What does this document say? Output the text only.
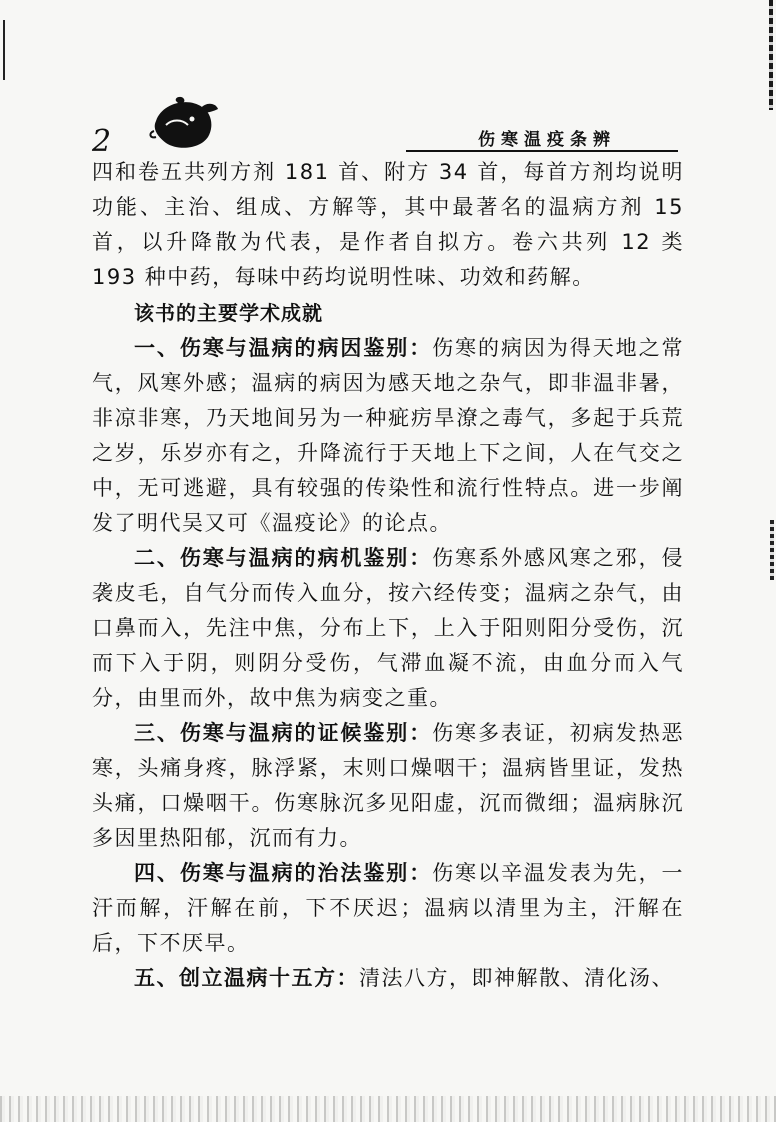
2	伤寒温疫条辨

四和卷五共列方剂 181 首、附方 34 首，每首方剂均说明功能、主治、组成、方解等，其中最著名的温病方剂 15 首，以升降散为代表，是作者自拟方。卷六共列 12 类 193 种中药，每味中药均说明性味、功效和药解。

该书的主要学术成就

一、伤寒与温病的病因鉴别：伤寒的病因为得天地之常气，风寒外感；温病的病因为感天地之杂气，即非温非暑，非凉非寒，乃天地间另为一种疵疠旱潦之毒气，多起于兵荒之岁，乐岁亦有之，升降流行于天地上下之间，人在气交之中，无可逃避，具有较强的传染性和流行性特点。进一步阐发了明代吴又可《温疫论》的论点。

二、伤寒与温病的病机鉴别：伤寒系外感风寒之邪，侵袭皮毛，自气分而传入血分，按六经传变；温病之杂气，由口鼻而入，先注中焦，分布上下，上入于阳则阳分受伤，沉而下入于阴，则阴分受伤，气滞血凝不流，由血分而入气分，由里而外，故中焦为病变之重。

三、伤寒与温病的证候鉴别：伤寒多表证，初病发热恶寒，头痛身疼，脉浮紧，末则口燥咽干；温病皆里证，发热头痛，口燥咽干。伤寒脉沉多见阳虚，沉而微细；温病脉沉多因里热阳郁，沉而有力。

四、伤寒与温病的治法鉴别：伤寒以辛温发表为先，一汗而解，汗解在前，下不厌迟；温病以清里为主，汗解在后，下不厌早。

五、创立温病十五方：清法八方，即神解散、清化汤、
